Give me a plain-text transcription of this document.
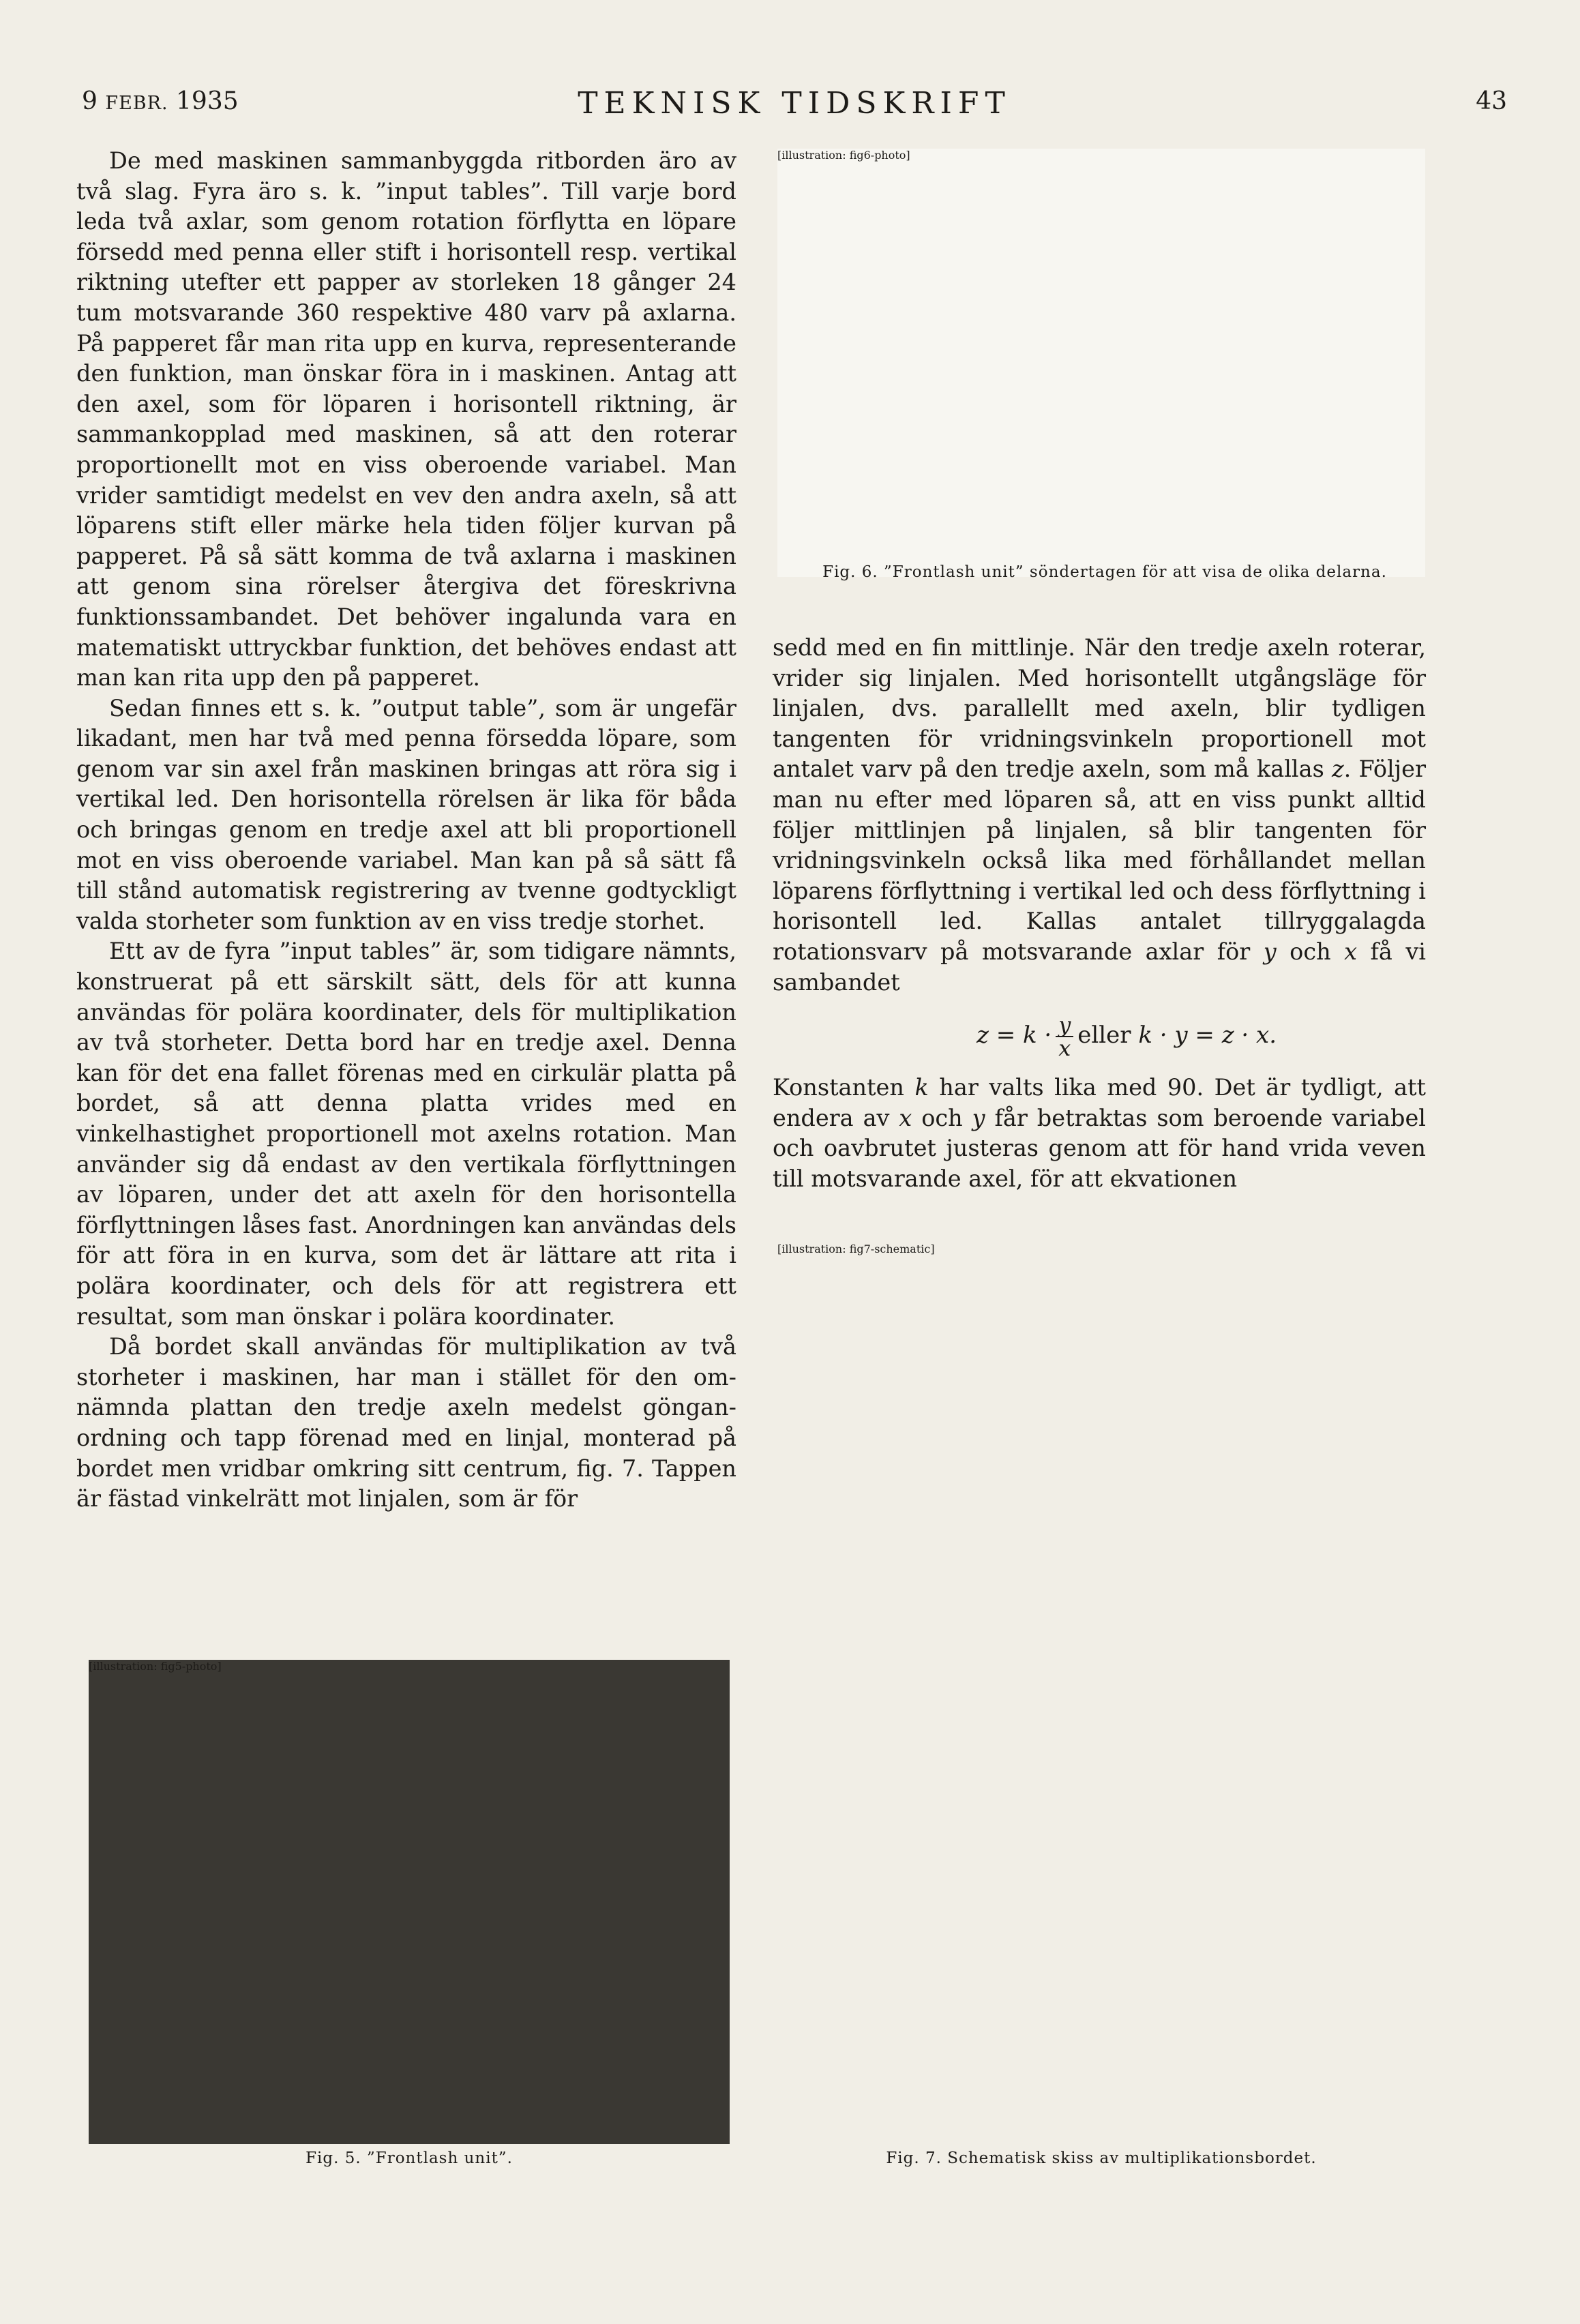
9 FEBR. 1935	TEKNISK TIDSKRIFT	43

De med maskinen sammanbyggda ritborden äro av två slag. Fyra äro s. k. ”input tables”. Till varje bord leda två axlar, som genom rotation förflytta en löpare försedd med penna eller stift i horisontell resp. vertikal riktning utefter ett papper av storleken 18 gånger 24 tum motsvarande 360 respektive 480 varv på axlarna. På papperet får man rita upp en kurva, representerande den funktion, man önskar föra in i maskinen. Antag att den axel, som för löparen i horisontell riktning, är sammankopplad med maskinen, så att den roterar proportionellt mot en viss oberoende variabel. Man vrider samtidigt medelst en vev den andra axeln, så att löparens stift eller märke hela tiden följer kurvan på papperet. På så sätt komma de två axlarna i maskinen att genom sina rörelser återgiva det föreskrivna funktionssambandet. Det behöver ingalunda vara en matematiskt uttryckbar funktion, det behöves endast att man kan rita upp den på papperet.

Sedan finnes ett s. k. ”output table”, som är ungefär likadant, men har två med penna försedda löpare, som genom var sin axel från maskinen bringas att röra sig i vertikal led. Den horisontella rörelsen är lika för båda och bringas genom en tredje axel att bli proportionell mot en viss oberoende variabel. Man kan på så sätt få till stånd automatisk registrering av tvenne godtyckligt valda storheter som funktion av en viss tredje storhet.

Ett av de fyra ”input tables” är, som tidigare nämnts, konstruerat på ett särskilt sätt, dels för att kunna användas för polära koordinater, dels för multiplikation av två storheter. Detta bord har en tredje axel. Denna kan för det ena fallet förenas med en cirkulär platta på bordet, så att denna platta vrides med en vinkelhastighet proportionell mot axelns rotation. Man använder sig då endast av den vertikala förflyttningen av löparen, under det att axeln för den horisontella förflyttningen låses fast. Anordningen kan användas dels för att föra in en kurva, som det är lättare att rita i polära koordinater, och dels för att registrera ett resultat, som man önskar i polära koordinater.

Då bordet skall användas för multiplikation av två storheter i maskinen, har man i stället för den omnämnda plattan den tredje axeln medelst gönganordning och tapp förenad med en linjal, monterad på bordet men vridbar omkring sitt centrum, fig. 7. Tappen är fästad vinkelrätt mot linjalen, som är för

sedd med en fin mittlinje. När den tredje axeln roterar, vrider sig linjalen. Med horisontellt utgångsläge för linjalen, dvs. parallellt med axeln, blir tydligen tangenten för vridningsvinkeln proportionell mot antalet varv på den tredje axeln, som må kallas z. Följer man nu efter med löparen så, att en viss punkt alltid följer mittlinjen på linjalen, så blir tangenten för vridningsvinkeln också lika med förhållandet mellan löparens förflyttning i vertikal led och dess förflyttning i horisontell led. Kallas antalet tillryggalagda rotationsvarv på motsvarande axlar för y och x få vi sambandet

$z = k \cdot \frac{y}{x}$ eller k · y = z · x.

Konstanten k har valts lika med 90. Det är tydligt, att endera av x och y får betraktas som beroende variabel och oavbrutet justeras genom att för hand vrida veven till motsvarande axel, för att ekvationen

[illustration: fig6-photo]
Fig. 6. ”Frontlash unit” söndertagen för att visa de olika delarna.
[illustration: fig5-photo]
Fig. 5. ”Frontlash unit”.
[illustration: fig7-schematic]
Fig. 7. Schematisk skiss av multiplikationsbordet.
